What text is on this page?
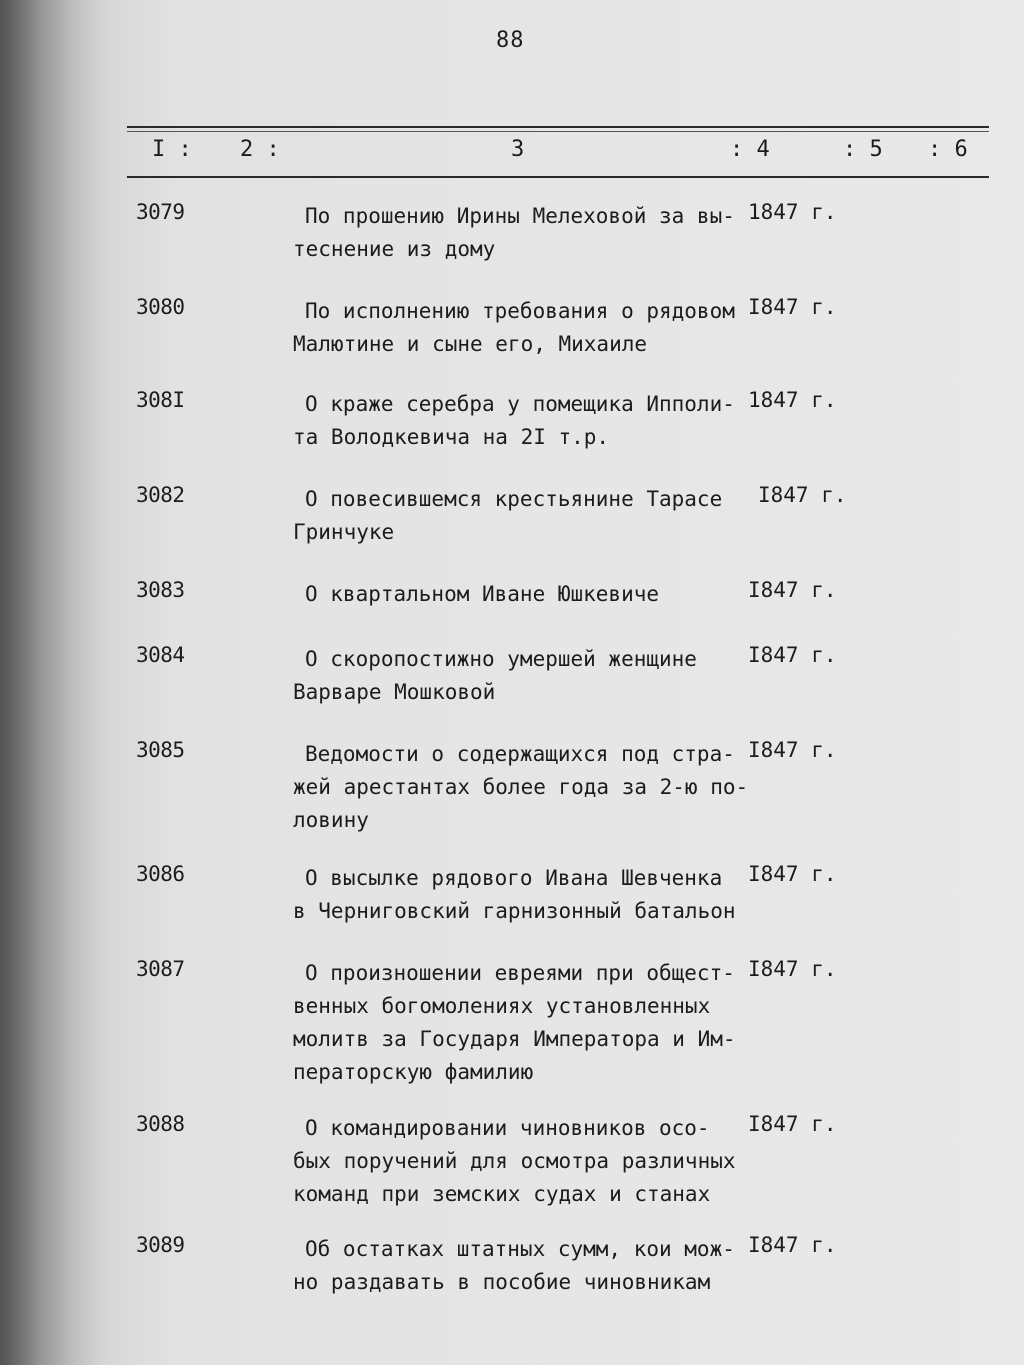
88
I : 2 :	3	: 4	: 5 : 6
3079	По прошению Ирины Мелеховой за вы-
теснение из дому
1847 г.
3080	По исполнению требования о рядовом
Малютине и сыне его, Михаиле
I847 г.
308I	О краже серебра у помещика Ипполи-
та Володкевича на 2I т.р.
1847 г.
3082	О повесившемся крестьянине Тарасе
Гринчуке
I847 г.
3083	О квартальном Иване Юшкевиче	I847 г.
3084	О скоропостижно умершей женщине
Варваре Мошковой
I847 г.
3085	Ведомости о содержащихся под стра-
жей арестантах более года за 2-ю по-
ловину
I847 г.
3086	О высылке рядового Ивана Шевченка
в Черниговский гарнизонный батальон
I847 г.
3087	О произношении евреями при общест-
венных богомолениях установленных
молитв за Государя Императора и Им-
ператорскую фамилию
I847 г.
3088	О командировании чиновников осо-
бых поручений для осмотра различных
команд при земских судах и станах
I847 г.
3089	Об остатках штатных сумм, кои мож-
но раздавать в пособие чиновникам
I847 г.
